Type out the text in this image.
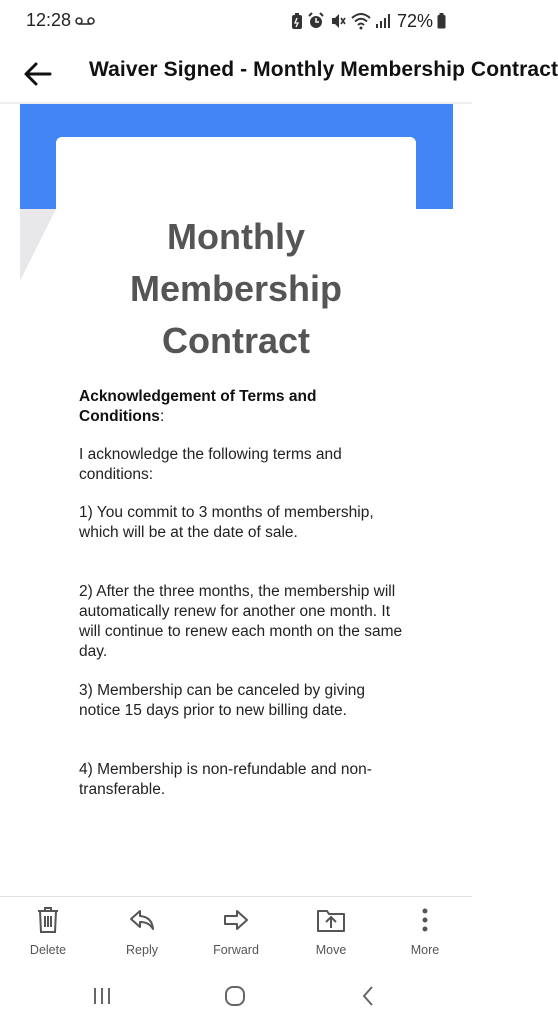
12:28	72%
Waiver Signed - Monthly Membership Contract
Monthly
Membership
Contract
Acknowledgement of Terms and Conditions:
I acknowledge the following terms and conditions:
1) You commit to 3 months of membership, which will be at the date of sale.
2) After the three months, the membership will automatically renew for another one month. It will continue to renew each month on the same day.
3) Membership can be canceled by giving notice 15 days prior to new billing date.
4) Membership is non-refundable and non-transferable.
Delete	Reply	Forward	Move	More
